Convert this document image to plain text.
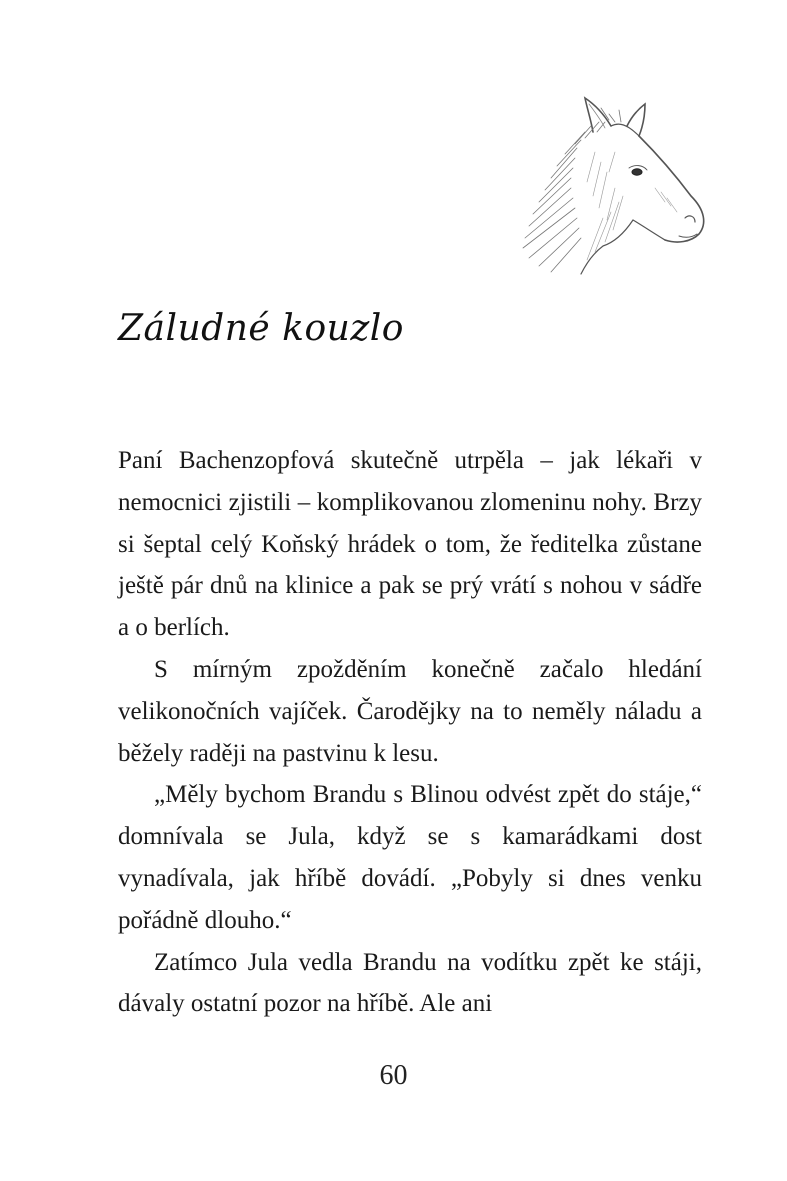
Záludné kouzlo

Paní Bachenzopfová skutečně utrpěla – jak lékaři v nemocnici zjistili – komplikovanou zlomeninu nohy. Brzy si šeptal celý Koňský hrádek o tom, že ředitelka zůstane ještě pár dnů na klinice a pak se prý vrátí s nohou v sádře a o berlích.

S mírným zpožděním konečně začalo hledání velikonočních vajíček. Čarodějky na to neměly náladu a běžely raději na pastvinu k lesu.

„Měly bychom Brandu s Blinou odvést zpět do stáje,“ domnívala se Jula, když se s kamarádkami dost vynadívala, jak hříbě dovádí. „Pobyly si dnes venku pořádně dlouho.“

Zatímco Jula vedla Brandu na vodítku zpět ke stáji, dávaly ostatní pozor na hříbě. Ale ani

60
